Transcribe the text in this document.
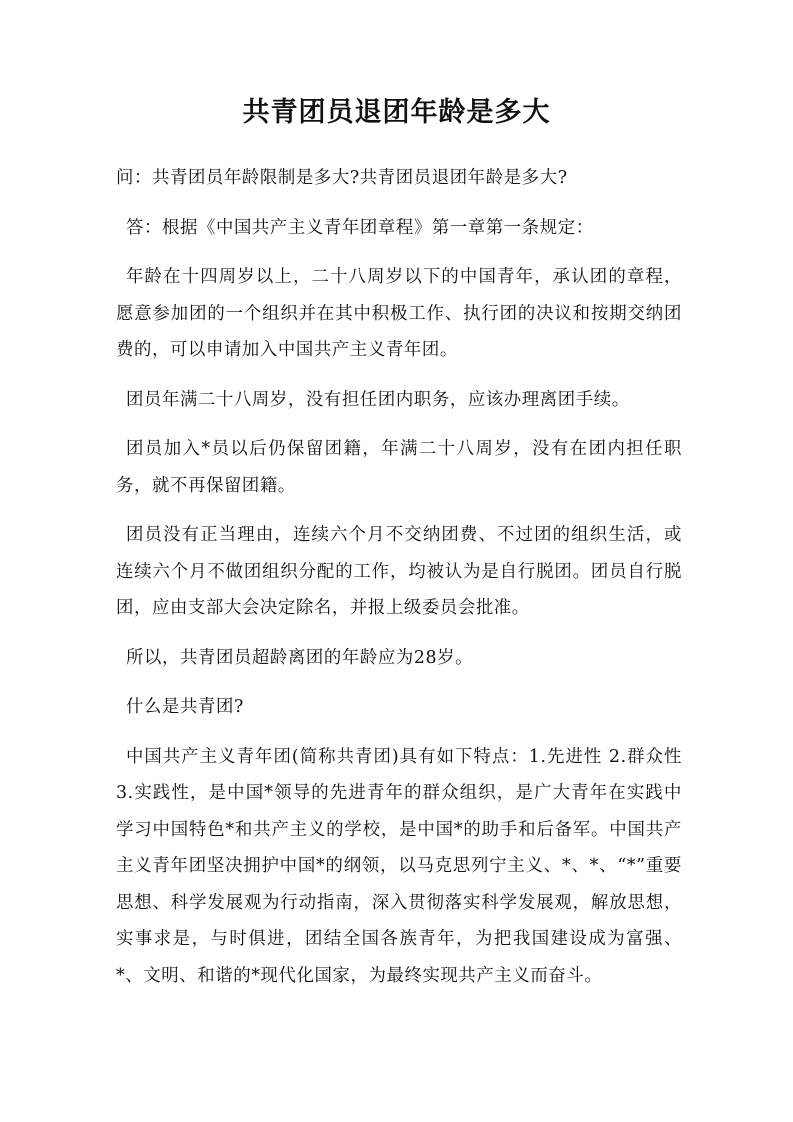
共青团员退团年龄是多大

问：共青团员年龄限制是多大?共青团员退团年龄是多大?

答：根据《中国共产主义青年团章程》第一章第一条规定：

年龄在十四周岁以上，二十八周岁以下的中国青年，承认团的章程，愿意参加团的一个组织并在其中积极工作、执行团的决议和按期交纳团费的，可以申请加入中国共产主义青年团。

团员年满二十八周岁，没有担任团内职务，应该办理离团手续。

团员加入*员以后仍保留团籍，年满二十八周岁，没有在团内担任职务，就不再保留团籍。

团员没有正当理由，连续六个月不交纳团费、不过团的组织生活，或连续六个月不做团组织分配的工作，均被认为是自行脱团。团员自行脱团，应由支部大会决定除名，并报上级委员会批准。

所以，共青团员超龄离团的年龄应为28岁。

什么是共青团?

中国共产主义青年团(简称共青团)具有如下特点：1.先进性 2.群众性 3.实践性，是中国*领导的先进青年的群众组织，是广大青年在实践中学习中国特色*和共产主义的学校，是中国*的助手和后备军。中国共产主义青年团坚决拥护中国*的纲领，以马克思列宁主义、*、*、“*”重要思想、科学发展观为行动指南，深入贯彻落实科学发展观，解放思想，实事求是，与时俱进，团结全国各族青年，为把我国建设成为富强、*、文明、和谐的*现代化国家，为最终实现共产主义而奋斗。
